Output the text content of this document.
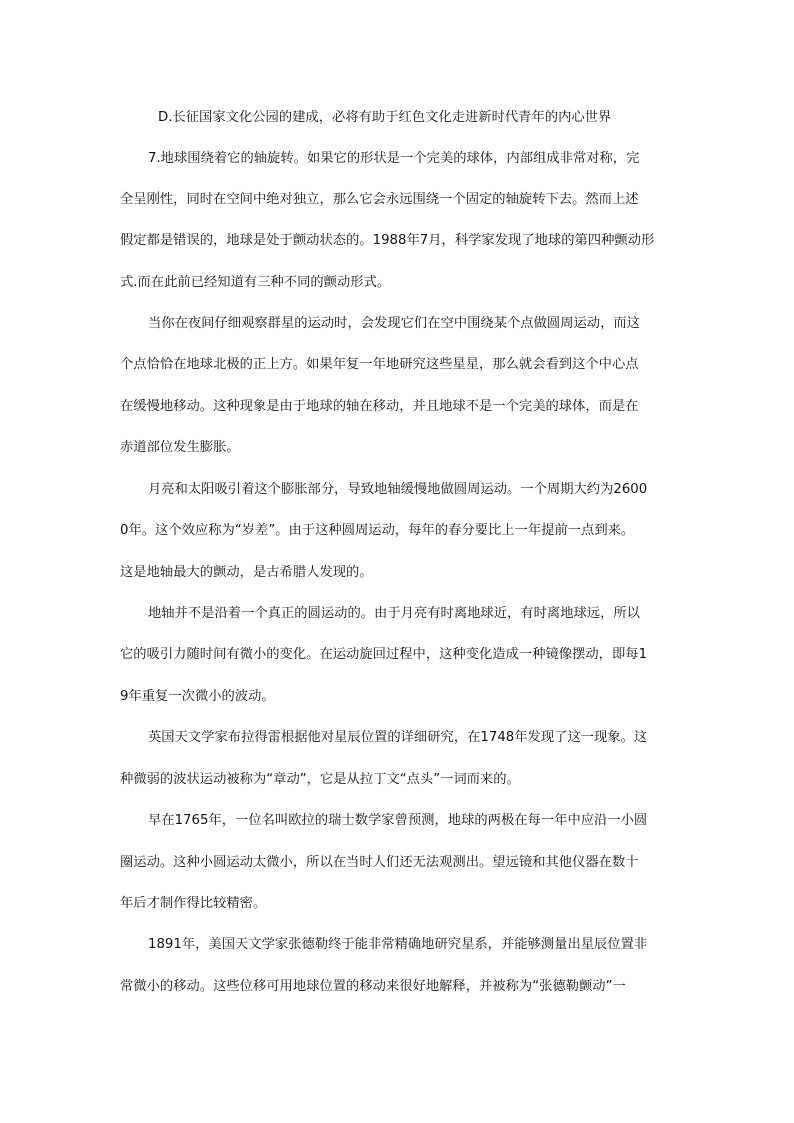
D.长征国家文化公园的建成，必将有助于红色文化走进新时代青年的内心世界
7.地球围绕着它的轴旋转。如果它的形状是一个完美的球体，内部组成非常对称，完
全呈刚性，同时在空间中绝对独立，那么它会永远围绕一个固定的轴旋转下去。然而上述
假定都是错误的，地球是处于颤动状态的。1988年7月，科学家发现了地球的第四种颤动形
式.而在此前已经知道有三种不同的颤动形式。
当你在夜间仔细观察群星的运动时，会发现它们在空中围绕某个点做圆周运动，而这
个点恰恰在地球北极的正上方。如果年复一年地研究这些星星，那么就会看到这个中心点
在缓慢地移动。这种现象是由于地球的轴在移动，并且地球不是一个完美的球体，而是在
赤道部位发生膨胀。
月亮和太阳吸引着这个膨胀部分，导致地轴缓慢地做圆周运动。一个周期大约为2600
0年。这个效应称为“岁差”。由于这种圆周运动，每年的春分要比上一年提前一点到来。
这是地轴最大的颤动，是古希腊人发现的。
地轴并不是沿着一个真正的圆运动的。由于月亮有时离地球近，有时离地球远，所以
它的吸引力随时间有微小的变化。在运动旋回过程中，这种变化造成一种镜像摆动，即每1
9年重复一次微小的波动。
英国天文学家布拉得雷根据他对星辰位置的详细研究，在1748年发现了这一现象。这
种微弱的波状运动被称为“章动”，它是从拉丁文“点头”一词而来的。
早在1765年，一位名叫欧拉的瑞士数学家曾预测，地球的两极在每一年中应沿一小圆
圈运动。这种小圆运动太微小，所以在当时人们还无法观测出。望远镜和其他仪器在数十
年后才制作得比较精密。
1891年，美国天文学家张德勒终于能非常精确地研究星系，并能够测量出星辰位置非
常微小的移动。这些位移可用地球位置的移动来很好地解释，并被称为“张德勒颤动”一
